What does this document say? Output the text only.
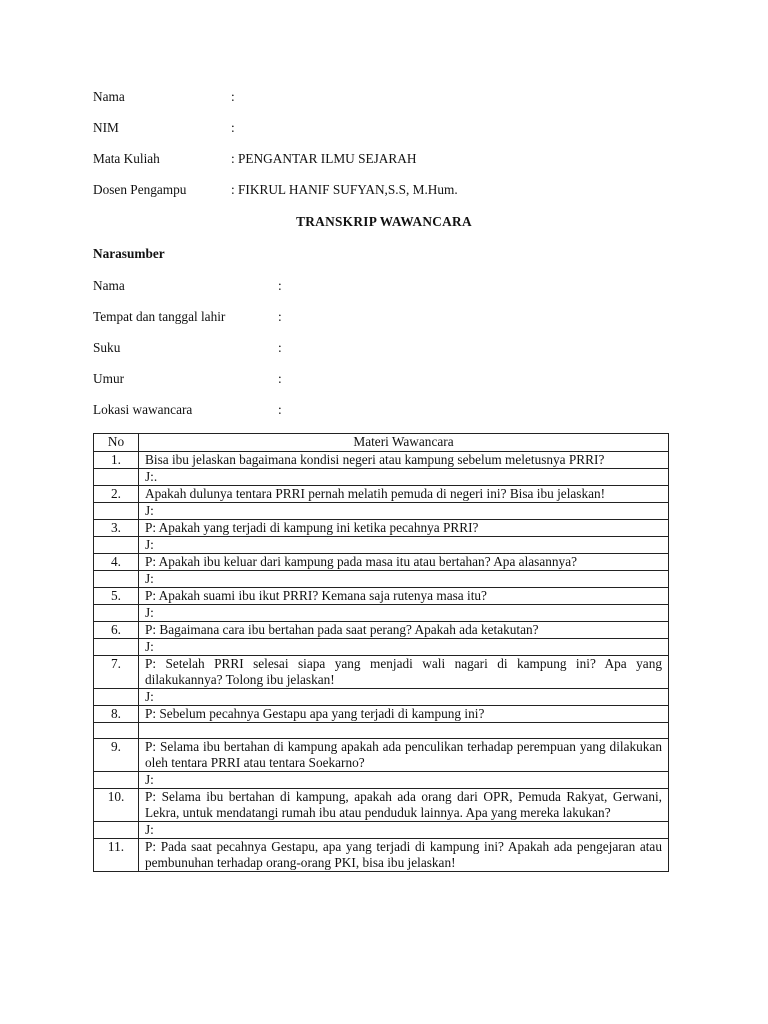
Nama	:
NIM	:
Mata Kuliah	: PENGANTAR ILMU SEJARAH
Dosen Pengampu	: FIKRUL HANIF SUFYAN,S.S, M.Hum.
TRANSKRIP WAWANCARA
Narasumber
Nama	:
Tempat dan tanggal lahir	:
Suku	:
Umur	:
Lokasi wawancara	:
No	Materi Wawancara
1.	Bisa ibu jelaskan bagaimana kondisi negeri atau kampung sebelum meletusnya PRRI?
	J:.
2.	Apakah dulunya tentara PRRI pernah melatih pemuda di negeri ini? Bisa ibu jelaskan!
	J:
3.	P: Apakah yang terjadi di kampung ini ketika pecahnya PRRI?
	J:
4.	P: Apakah ibu keluar dari kampung pada masa itu atau bertahan? Apa alasannya?
	J:
5.	P: Apakah suami ibu ikut PRRI? Kemana saja rutenya masa itu?
	J:
6.	P: Bagaimana cara ibu bertahan pada saat perang? Apakah ada ketakutan?
	J:
7.	P: Setelah PRRI selesai siapa yang menjadi wali nagari di kampung ini? Apa yang dilakukannya? Tolong ibu jelaskan!
	J:
8.	P: Sebelum pecahnya Gestapu apa yang terjadi di kampung ini?

9.	P: Selama ibu bertahan di kampung apakah ada penculikan terhadap perempuan yang dilakukan oleh tentara PRRI atau tentara Soekarno?
	J:
10.	P: Selama ibu bertahan di kampung, apakah ada orang dari OPR, Pemuda Rakyat, Gerwani, Lekra, untuk mendatangi rumah ibu atau penduduk lainnya. Apa yang mereka lakukan?
	J:
11.	P: Pada saat pecahnya Gestapu, apa yang terjadi di kampung ini? Apakah ada pengejaran atau pembunuhan terhadap orang-orang PKI, bisa ibu jelaskan!
